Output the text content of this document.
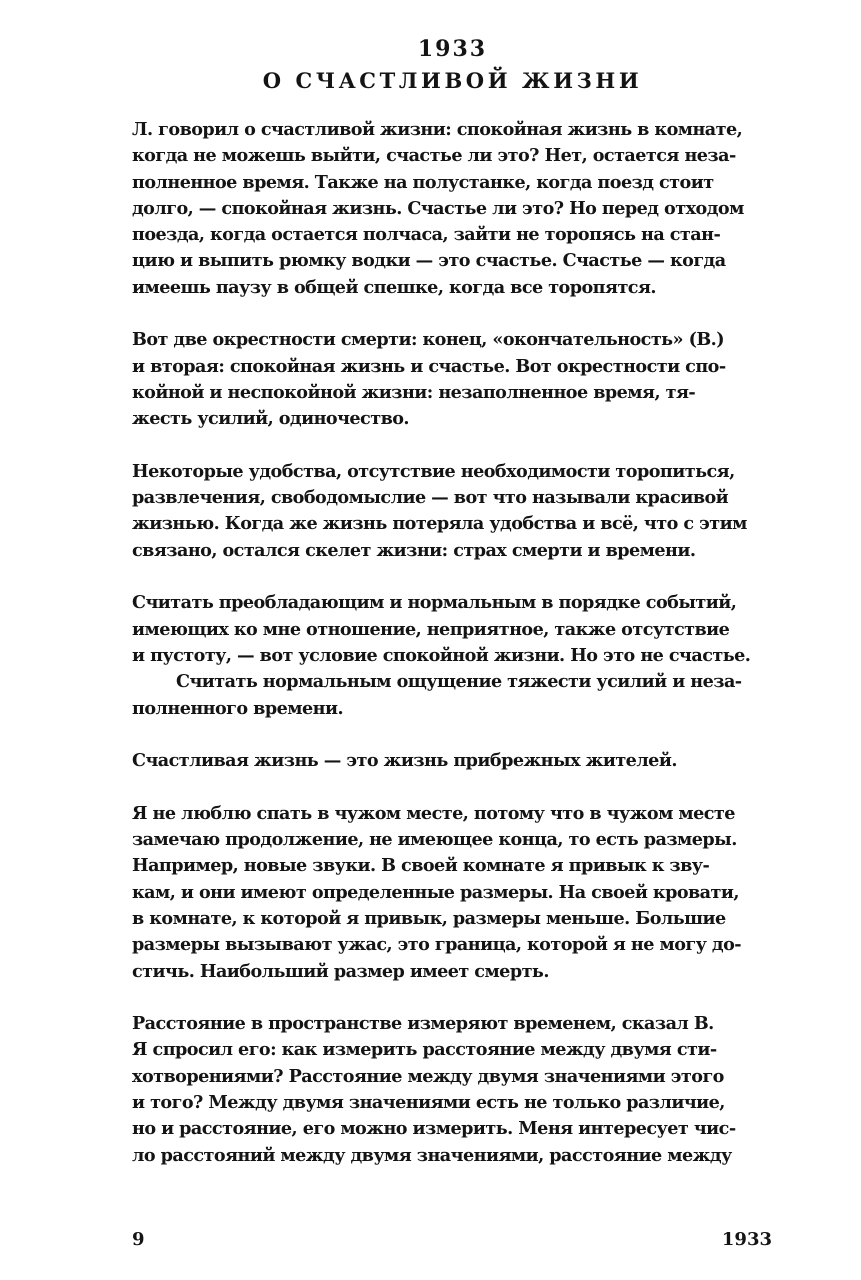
1933
О СЧАСТЛИВОЙ ЖИЗНИ
Л. говорил о счастливой жизни: спокойная жизнь в комнате,
когда не можешь выйти, счастье ли это? Нет, остается неза-
полненное время. Также на полустанке, когда поезд стоит
долго, — спокойная жизнь. Счастье ли это? Но перед отходом
поезда, когда остается полчаса, зайти не торопясь на стан-
цию и выпить рюмку водки — это счастье. Счастье — когда
имеешь паузу в общей спешке, когда все торопятся.
Вот две окрестности смерти: конец, «окончательность» (В.)
и вторая: спокойная жизнь и счастье. Вот окрестности спо-
койной и неспокойной жизни: незаполненное время, тя-
жесть усилий, одиночество.
Некоторые удобства, отсутствие необходимости торопиться,
развлечения, свободомыслие — вот что называли красивой
жизнью. Когда же жизнь потеряла удобства и всё, что с этим
связано, остался скелет жизни: страх смерти и времени.
Считать преобладающим и нормальным в порядке событий,
имеющих ко мне отношение, неприятное, также отсутствие
и пустоту, — вот условие спокойной жизни. Но это не счастье.
Считать нормальным ощущение тяжести усилий и неза-
полненного времени.
Счастливая жизнь — это жизнь прибрежных жителей.
Я не люблю спать в чужом месте, потому что в чужом месте
замечаю продолжение, не имеющее конца, то есть размеры.
Например, новые звуки. В своей комнате я привык к зву-
кам, и они имеют определенные размеры. На своей кровати,
в комнате, к которой я привык, размеры меньше. Большие
размеры вызывают ужас, это граница, которой я не могу до-
стичь. Наибольший размер имеет смерть.
Расстояние в пространстве измеряют временем, сказал В.
Я спросил его: как измерить расстояние между двумя сти-
хотворениями? Расстояние между двумя значениями этого
и того? Между двумя значениями есть не только различие,
но и расстояние, его можно измерить. Меня интересует чис-
ло расстояний между двумя значениями, расстояние между
9	1933
